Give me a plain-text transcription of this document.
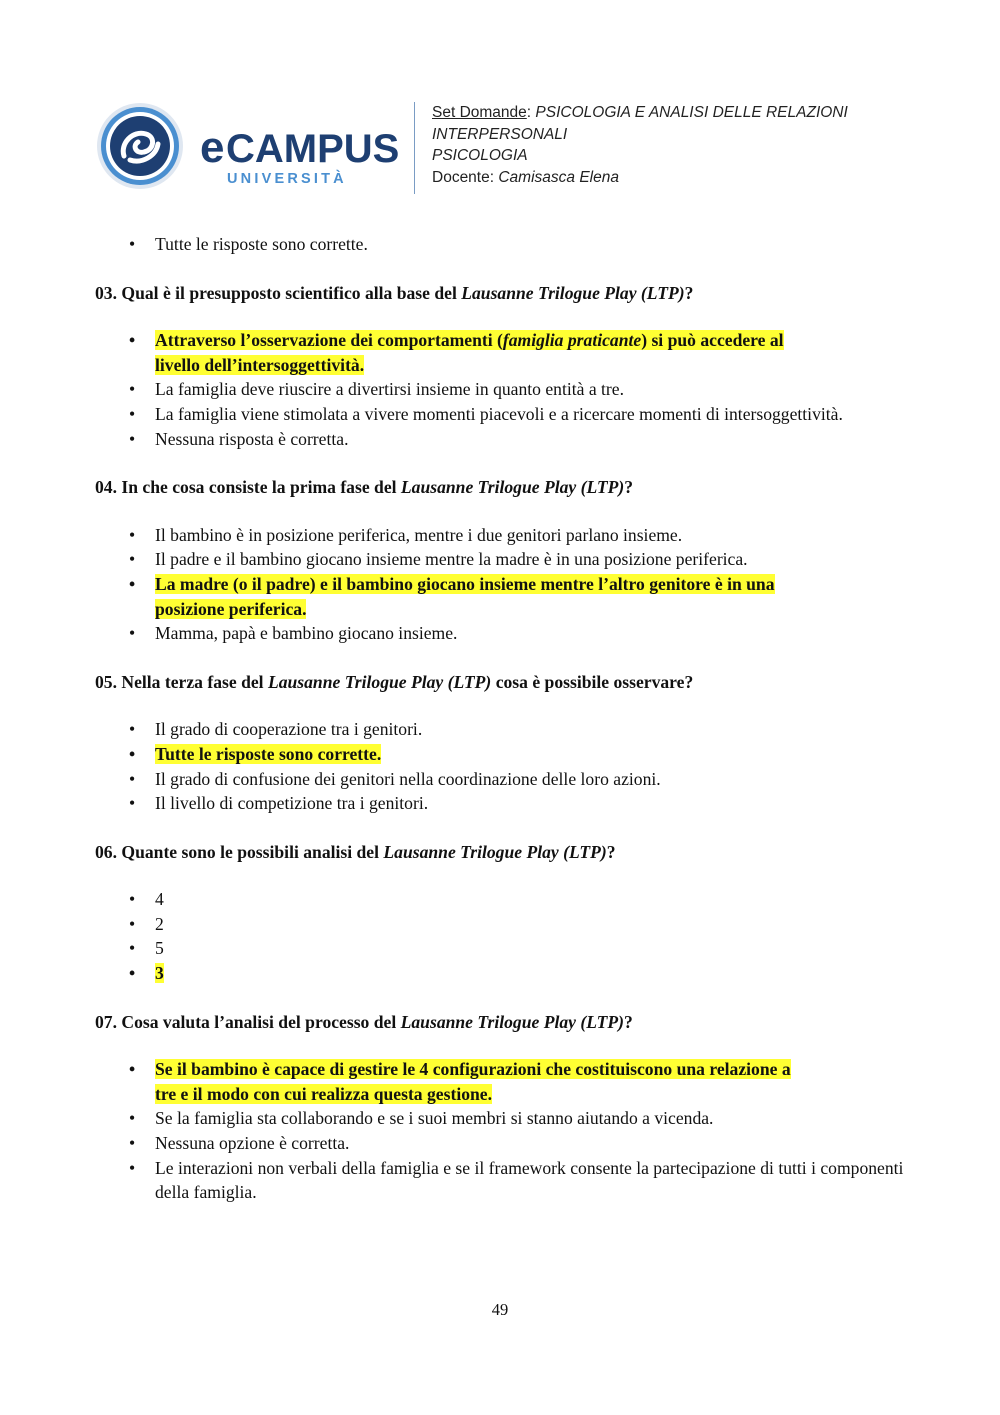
e CAMPUS
UNIVERSITÀ
Set Domande: PSICOLOGIA E ANALISI DELLE RELAZIONI INTERPERSONALI
PSICOLOGIA
Docente: Camisasca Elena
• Tutte le risposte sono corrette.

03. Qual è il presupposto scientifico alla base del Lausanne Trilogue Play (LTP)?

• Attraverso l’osservazione dei comportamenti (famiglia praticante) si può accedere al
livello dell’intersoggettività.
• La famiglia deve riuscire a divertirsi insieme in quanto entità a tre.
• La famiglia viene stimolata a vivere momenti piacevoli e a ricercare momenti di intersoggettività.
• Nessuna risposta è corretta.

04. In che cosa consiste la prima fase del Lausanne Trilogue Play (LTP)?

• Il bambino è in posizione periferica, mentre i due genitori parlano insieme.
• Il padre e il bambino giocano insieme mentre la madre è in una posizione periferica.
• La madre (o il padre) e il bambino giocano insieme mentre l’altro genitore è in una
posizione periferica.
• Mamma, papà e bambino giocano insieme.

05. Nella terza fase del Lausanne Trilogue Play (LTP) cosa è possibile osservare?

• Il grado di cooperazione tra i genitori.
• Tutte le risposte sono corrette.
• Il grado di confusione dei genitori nella coordinazione delle loro azioni.
• Il livello di competizione tra i genitori.

06. Quante sono le possibili analisi del Lausanne Trilogue Play (LTP)?

• 4
• 2
• 5
• 3

07. Cosa valuta l’analisi del processo del Lausanne Trilogue Play (LTP)?

• Se il bambino è capace di gestire le 4 configurazioni che costituiscono una relazione a
tre e il modo con cui realizza questa gestione.
• Se la famiglia sta collaborando e se i suoi membri si stanno aiutando a vicenda.
• Nessuna opzione è corretta.
• Le interazioni non verbali della famiglia e se il framework consente la partecipazione di tutti i componenti della famiglia.
49
